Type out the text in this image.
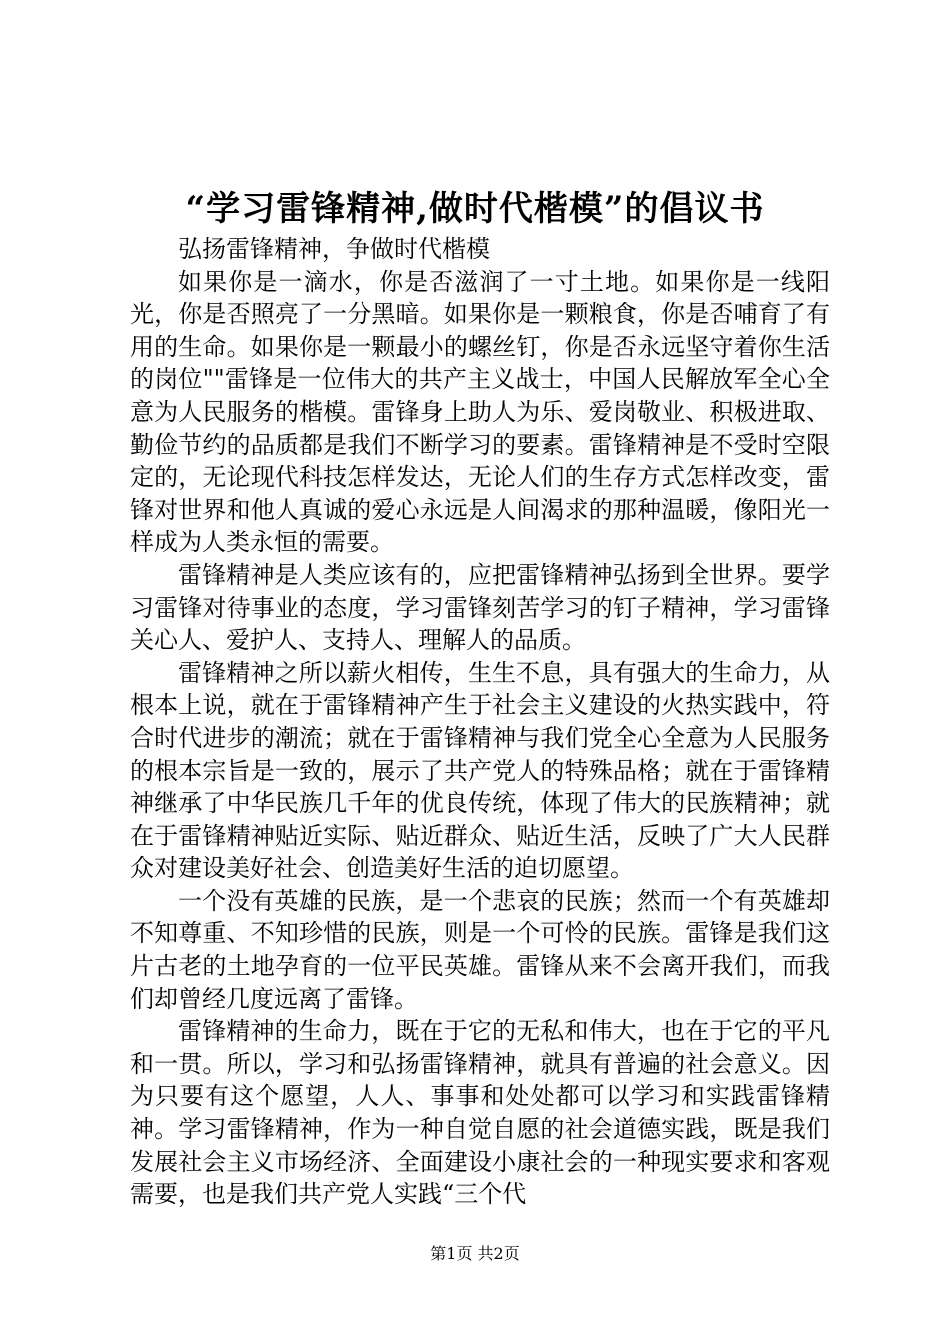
“学习雷锋精神,做时代楷模”的倡议书

弘扬雷锋精神，争做时代楷模

如果你是一滴水，你是否滋润了一寸土地。如果你是一线阳光，你是否照亮了一分黑暗。如果你是一颗粮食，你是否哺育了有用的生命。如果你是一颗最小的螺丝钉，你是否永远坚守着你生活的岗位""雷锋是一位伟大的共产主义战士，中国人民解放军全心全意为人民服务的楷模。雷锋身上助人为乐、爱岗敬业、积极进取、勤俭节约的品质都是我们不断学习的要素。雷锋精神是不受时空限定的，无论现代科技怎样发达，无论人们的生存方式怎样改变，雷锋对世界和他人真诚的爱心永远是人间渴求的那种温暖，像阳光一样成为人类永恒的需要。

雷锋精神是人类应该有的，应把雷锋精神弘扬到全世界。要学习雷锋对待事业的态度，学习雷锋刻苦学习的钉子精神，学习雷锋关心人、爱护人、支持人、理解人的品质。

雷锋精神之所以薪火相传，生生不息，具有强大的生命力，从根本上说，就在于雷锋精神产生于社会主义建设的火热实践中，符合时代进步的潮流；就在于雷锋精神与我们党全心全意为人民服务的根本宗旨是一致的，展示了共产党人的特殊品格；就在于雷锋精神继承了中华民族几千年的优良传统，体现了伟大的民族精神；就在于雷锋精神贴近实际、贴近群众、贴近生活，反映了广大人民群众对建设美好社会、创造美好生活的迫切愿望。

一个没有英雄的民族，是一个悲哀的民族；然而一个有英雄却不知尊重、不知珍惜的民族，则是一个可怜的民族。雷锋是我们这片古老的土地孕育的一位平民英雄。雷锋从来不会离开我们，而我们却曾经几度远离了雷锋。

雷锋精神的生命力，既在于它的无私和伟大，也在于它的平凡和一贯。所以，学习和弘扬雷锋精神，就具有普遍的社会意义。因为只要有这个愿望，人人、事事和处处都可以学习和实践雷锋精神。学习雷锋精神，作为一种自觉自愿的社会道德实践，既是我们发展社会主义市场经济、全面建设小康社会的一种现实要求和客观需要，也是我们共产党人实践“三个代

第1页 共2页
